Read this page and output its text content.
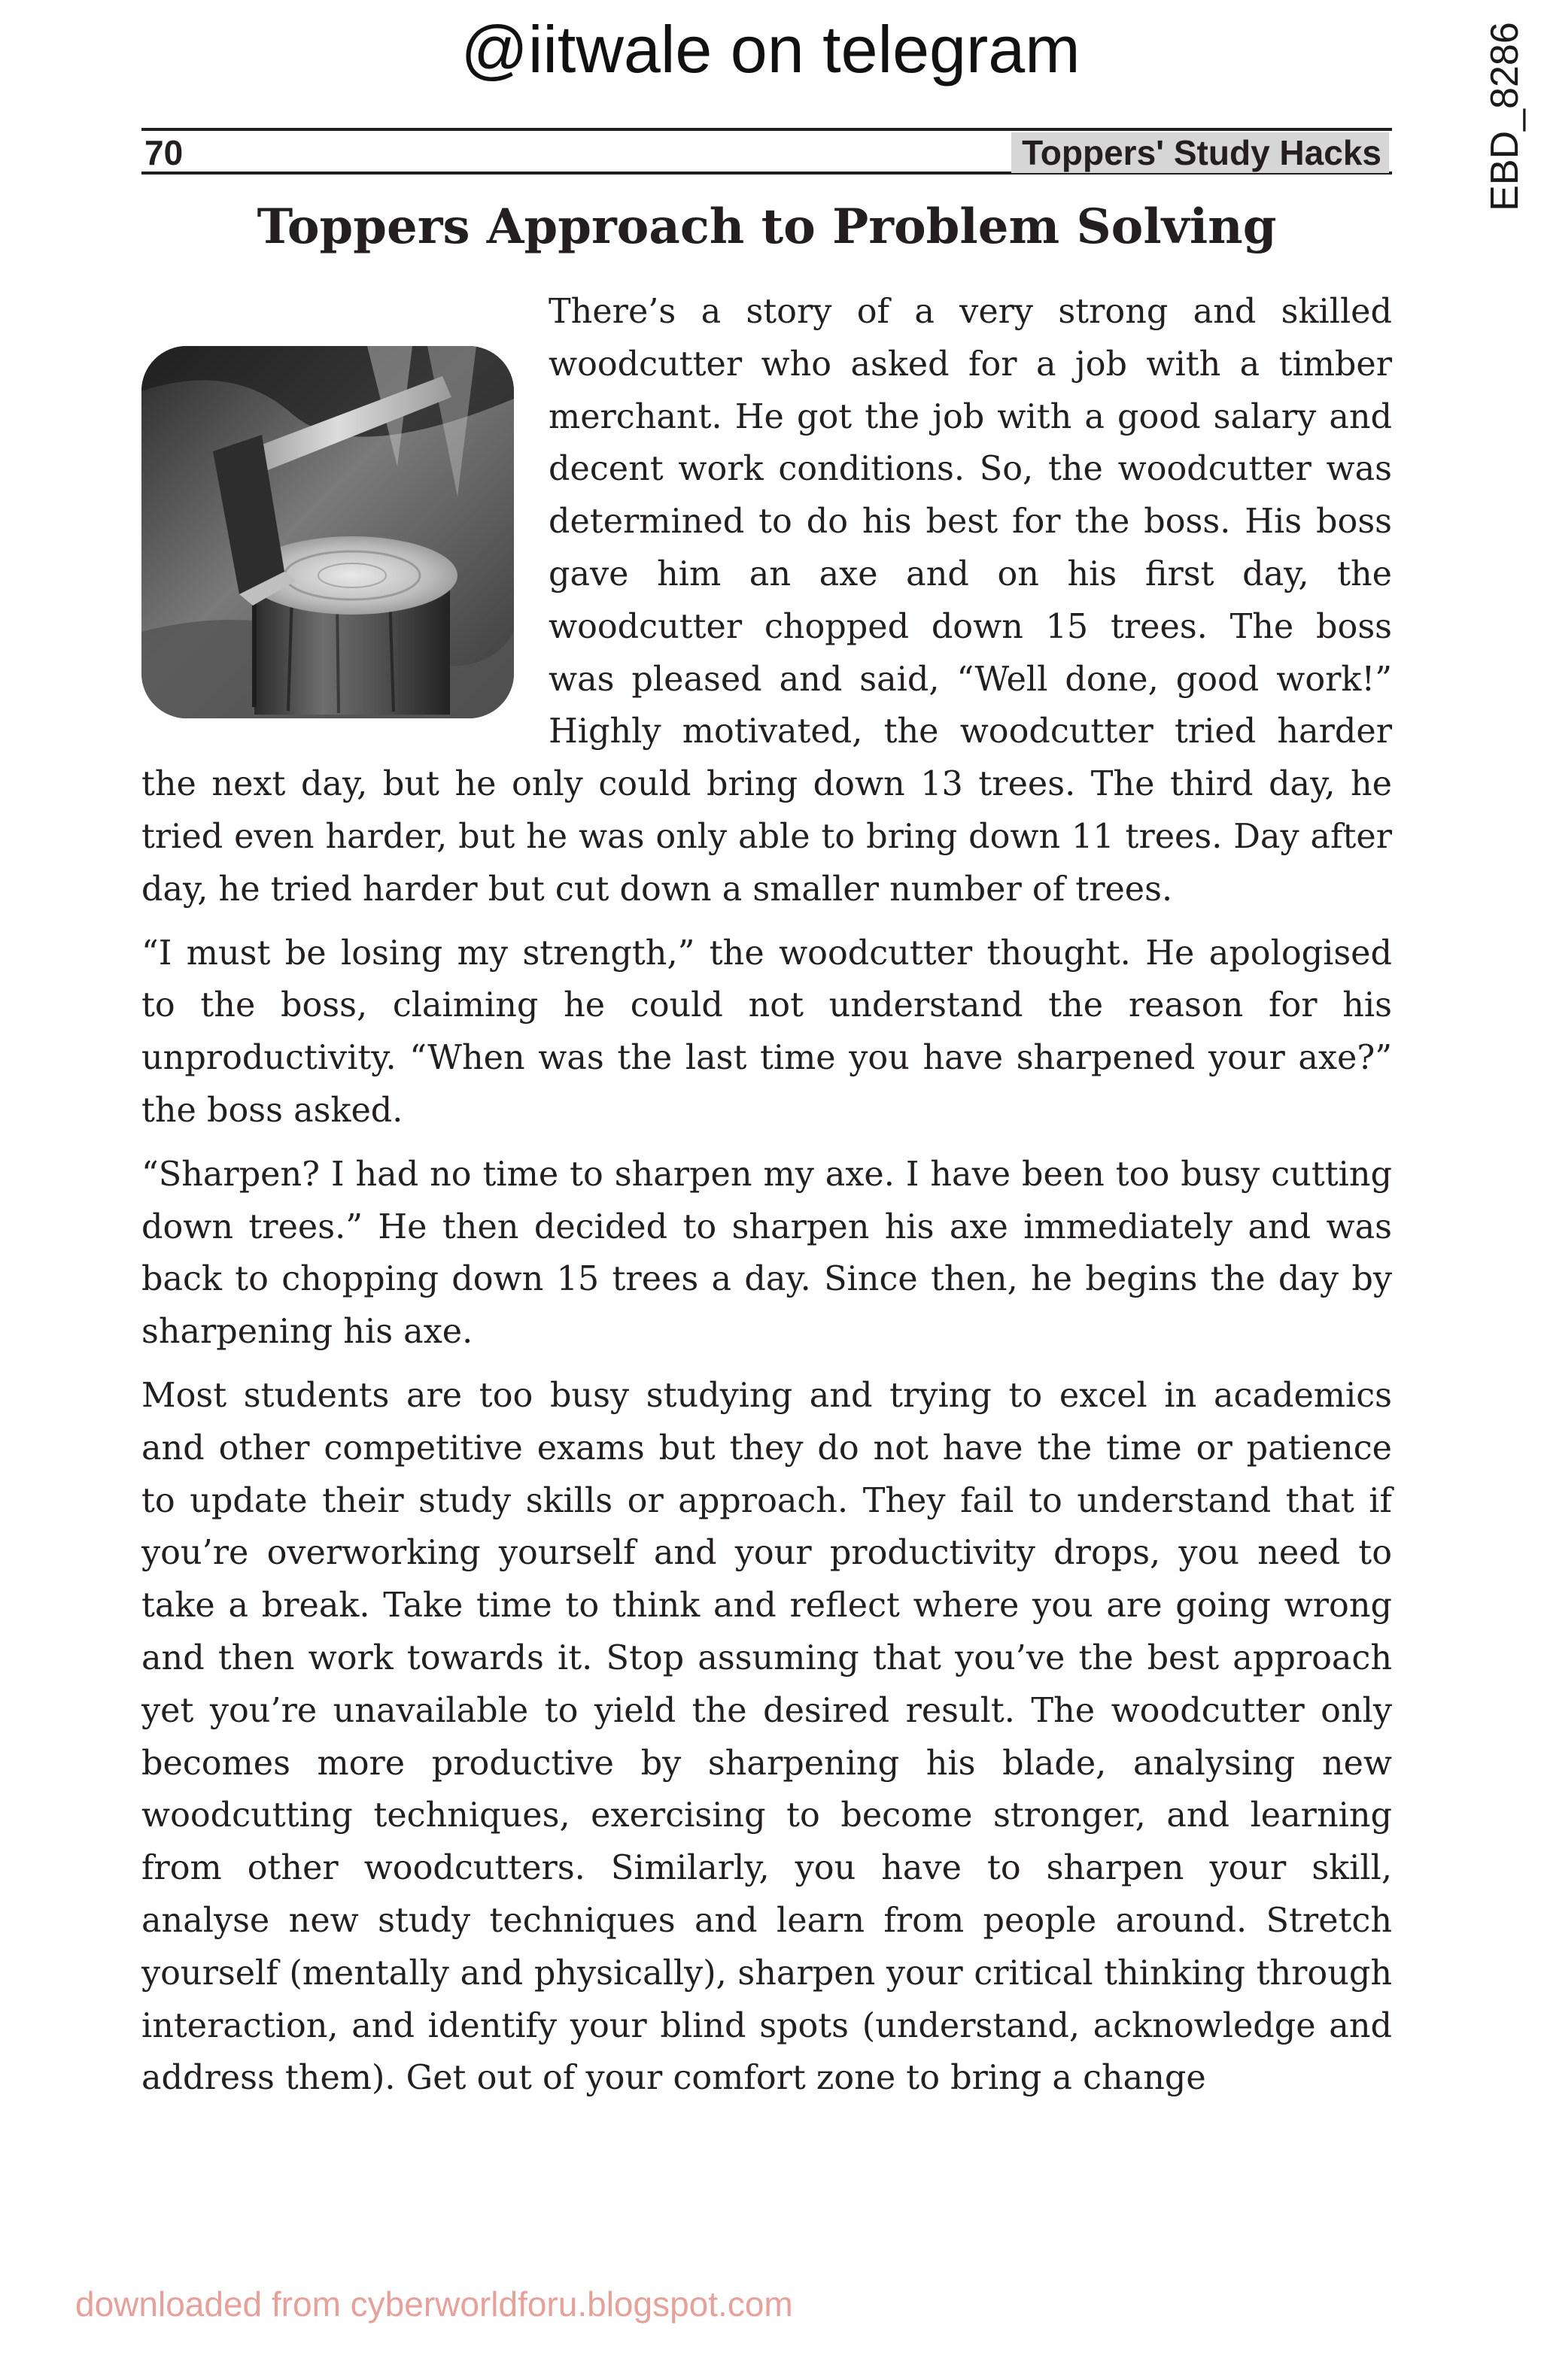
@iitwale on telegram	EBD_8286
70	Toppers' Study Hacks
Toppers Approach to Problem Solving

There’s a story of a very strong and skilled woodcutter who asked for a job with a timber merchant. He got the job with a good salary and decent work conditions. So, the woodcutter was determined to do his best for the boss. His boss gave him an axe and on his first day, the woodcutter chopped down 15 trees. The boss was pleased and said, “Well done, good work!” Highly motivated, the woodcutter tried harder the next day, but he only could bring down 13 trees. The third day, he tried even harder, but he was only able to bring down 11 trees. Day after day, he tried harder but cut down a smaller number of trees.

“I must be losing my strength,” the woodcutter thought. He apologised to the boss, claiming he could not understand the reason for his unproductivity. “When was the last time you have sharpened your axe?” the boss asked.

“Sharpen? I had no time to sharpen my axe. I have been too busy cutting down trees.” He then decided to sharpen his axe immediately and was back to chopping down 15 trees a day. Since then, he begins the day by sharpening his axe.

Most students are too busy studying and trying to excel in academics and other competitive exams but they do not have the time or patience to update their study skills or approach. They fail to understand that if you’re overworking yourself and your productivity drops, you need to take a break. Take time to think and reflect where you are going wrong and then work towards it. Stop assuming that you’ve the best approach yet you’re unavailable to yield the desired result. The woodcutter only becomes more productive by sharpening his blade, analysing new woodcutting techniques, exercising to become stronger, and learning from other woodcutters. Similarly, you have to sharpen your skill, analyse new study techniques and learn from people around. Stretch yourself (mentally and physically), sharpen your critical thinking through interaction, and identify your blind spots (understand, acknowledge and address them). Get out of your comfort zone to bring a change

downloaded from cyberworldforu.blogspot.com
